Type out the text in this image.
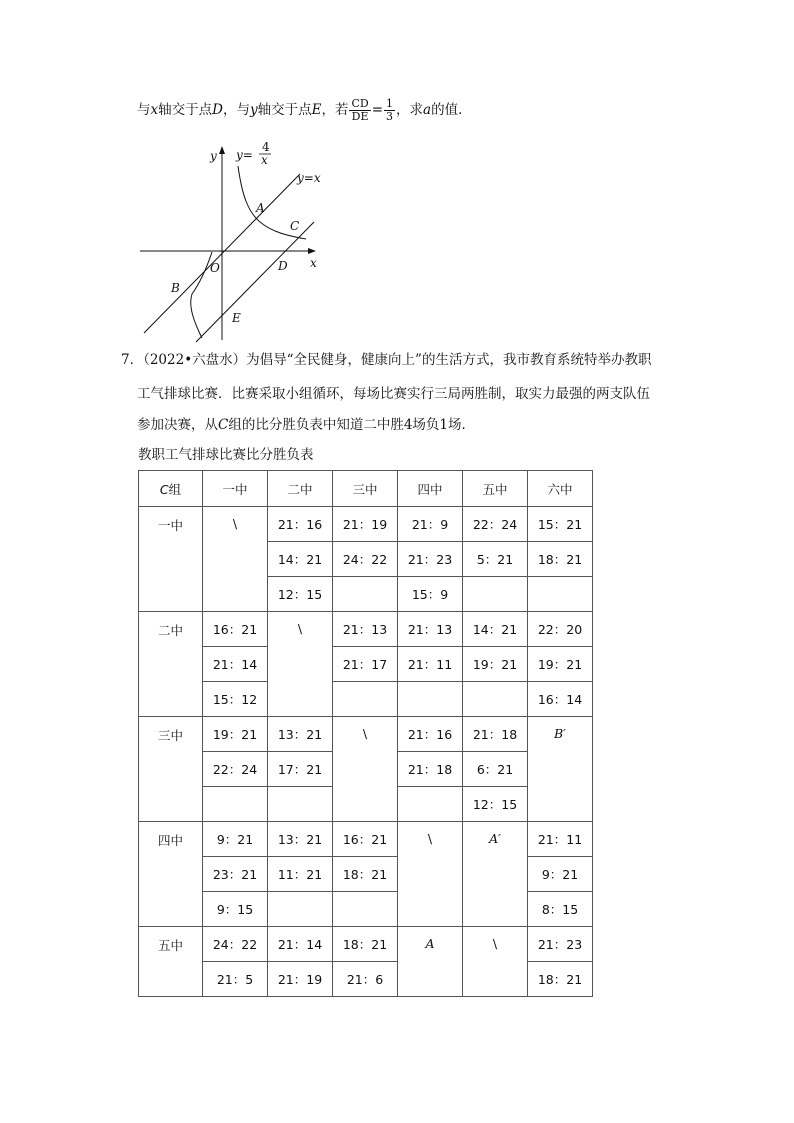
与x轴交于点D，与y轴交于点E，若 $\frac{CD}{DE} = \frac{1}{3}$ ，求a的值．
y
x
O
y=
4
x
y=x
A
B
C
D
E
7．（2022•六盘水）为倡导“全民健身，健康向上”的生活方式，我市教育系统特举办教职
工气排球比赛．比赛采取小组循环，每场比赛实行三局两胜制，取实力最强的两支队伍
参加决赛，从C组的比分胜负表中知道二中胜4场负1场．
教职工气排球比赛比分胜负表
C组	一中	二中	三中	四中	五中	六中
一中	\	21：16	21：19	21：9	22：24	15：21
		14：21	24：22	21：23	5：21	18：21
		12：15		15：9		
二中	16：21	\	21：13	21：13	14：21	22：20
	21：14		21：17	21：11	19：21	19：21
	15：12					16：14
三中	19：21	13：21	\	21：16	21：18	B′
	22：24	17：21		21：18	6：21	
					12：15	
四中	9：21	13：21	16：21	\	A′	21：11
	23：21	11：21	18：21			9：21
	9：15					8：15
五中	24：22	21：14	18：21	A	\	21：23
	21：5	21：19	21：6			18：21
